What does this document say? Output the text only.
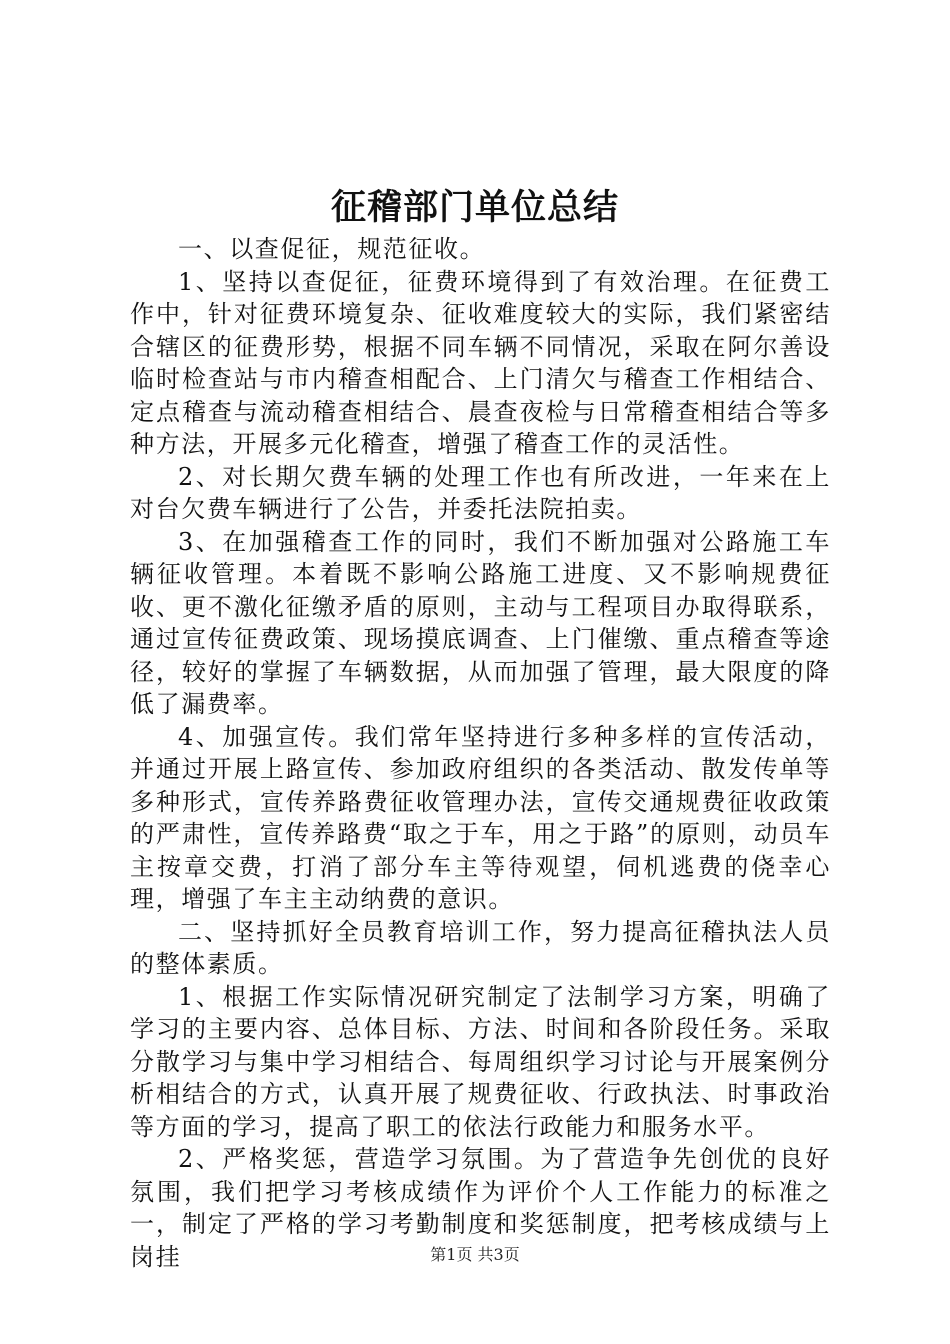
征稽部门单位总结

一、以查促征，规范征收。

1、坚持以查促征，征费环境得到了有效治理。在征费工作中，针对征费环境复杂、征收难度较大的实际，我们紧密结合辖区的征费形势，根据不同车辆不同情况，采取在阿尔善设临时检查站与市内稽查相配合、上门清欠与稽查工作相结合、定点稽查与流动稽查相结合、晨查夜检与日常稽查相结合等多种方法，开展多元化稽查，增强了稽查工作的灵活性。

2、对长期欠费车辆的处理工作也有所改进，一年来在上对台欠费车辆进行了公告，并委托法院拍卖。

3、在加强稽查工作的同时，我们不断加强对公路施工车辆征收管理。本着既不影响公路施工进度、又不影响规费征收、更不激化征缴矛盾的原则，主动与工程项目办取得联系，通过宣传征费政策、现场摸底调查、上门催缴、重点稽查等途径，较好的掌握了车辆数据，从而加强了管理，最大限度的降低了漏费率。

4、加强宣传。我们常年坚持进行多种多样的宣传活动，并通过开展上路宣传、参加政府组织的各类活动、散发传单等多种形式，宣传养路费征收管理办法，宣传交通规费征收政策的严肃性，宣传养路费“取之于车，用之于路”的原则，动员车主按章交费，打消了部分车主等待观望，伺机逃费的侥幸心理，增强了车主主动纳费的意识。

二、坚持抓好全员教育培训工作，努力提高征稽执法人员的整体素质。

1、根据工作实际情况研究制定了法制学习方案，明确了学习的主要内容、总体目标、方法、时间和各阶段任务。采取分散学习与集中学习相结合、每周组织学习讨论与开展案例分析相结合的方式，认真开展了规费征收、行政执法、时事政治等方面的学习，提高了职工的依法行政能力和服务水平。

2、严格奖惩，营造学习氛围。为了营造争先创优的良好氛围，我们把学习考核成绩作为评价个人工作能力的标准之一，制定了严格的学习考勤制度和奖惩制度，把考核成绩与上岗挂	第1页 共3页
